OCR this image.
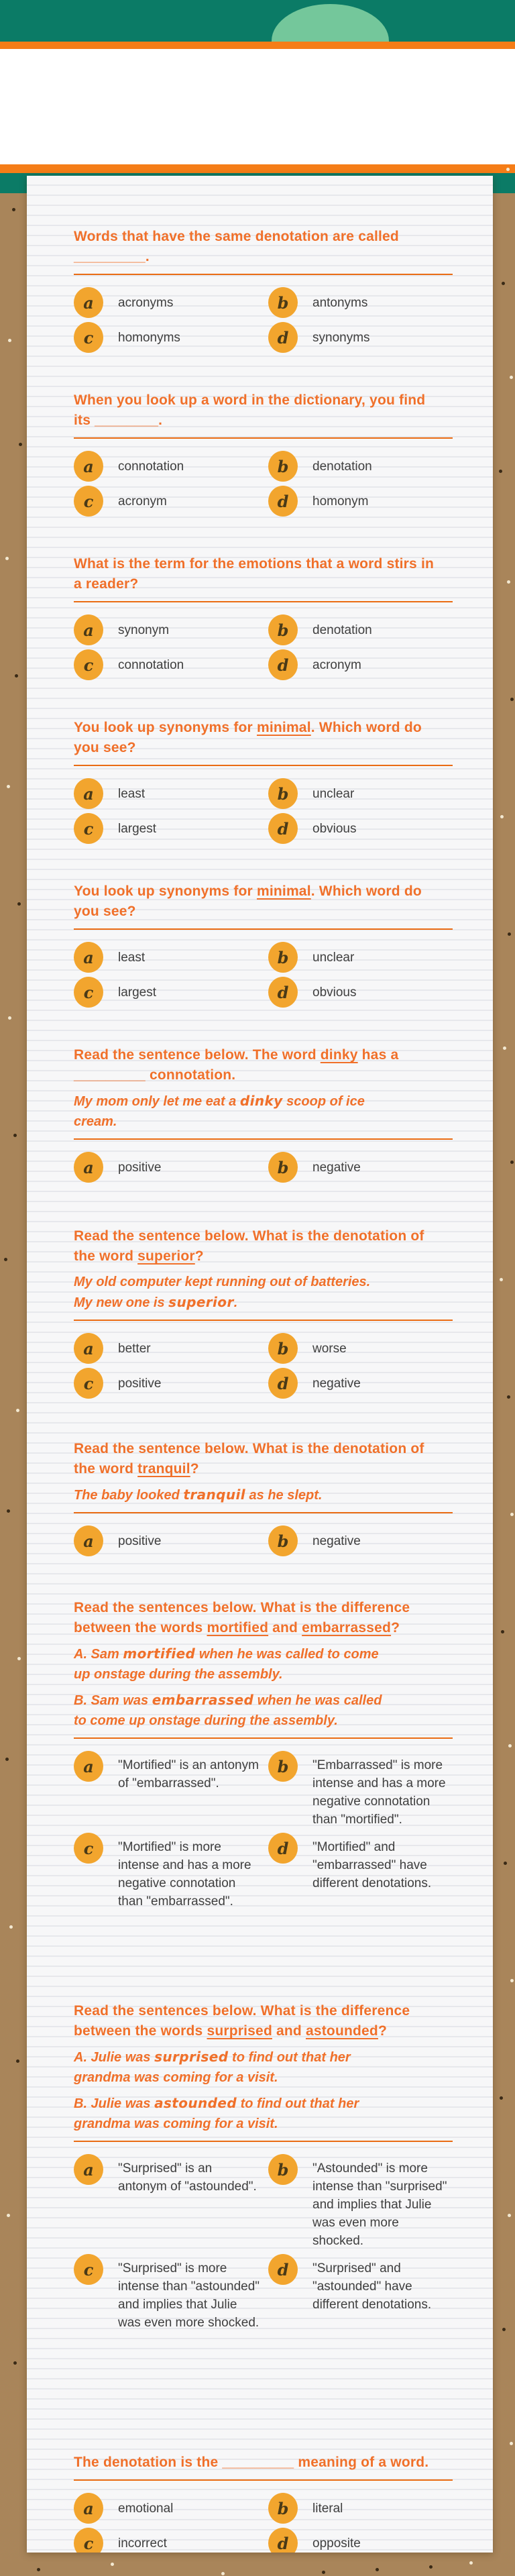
Words that have the same denotation are called _________.

a	acronyms	b	antonyms
c	homonyms	d	synonyms

When you look up a word in the dictionary, you find its ________.

a	connotation	b	denotation
c	acronym	d	homonym

What is the term for the emotions that a word stirs in a reader?

a	synonym	b	denotation
c	connotation	d	acronym

You look up synonyms for minimal. Which word do you see?

a	least	b	unclear
c	largest	d	obvious

You look up synonyms for minimal. Which word do you see?

a	least	b	unclear
c	largest	d	obvious

Read the sentence below. The word dinky has a _________ connotation.

My mom only let me eat a dinky scoop of ice cream.

a	positive	b	negative

Read the sentence below. What is the denotation of the word superior?

My old computer kept running out of batteries. My new one is superior.

a	better	b	worse
c	positive	d	negative

Read the sentence below. What is the denotation of the word tranquil?

The baby looked tranquil as he slept.

a	positive	b	negative

Read the sentences below. What is the difference between the words mortified and embarrassed?

A. Sam mortified when he was called to come up onstage during the assembly.

B. Sam was embarrassed when he was called to come up onstage during the assembly.

a	"Mortified" is an antonym of "embarrassed".
b	"Embarrassed" is more intense and has a more negative connotation than "mortified".
c	"Mortified" is more intense and has a more negative connotation than "embarrassed".
d	"Mortified" and "embarrassed" have different denotations.

Read the sentences below. What is the difference between the words surprised and astounded?

A. Julie was surprised to find out that her grandma was coming for a visit.

B. Julie was astounded to find out that her grandma was coming for a visit.

a	"Surprised" is an antonym of "astounded".
b	"Astounded" is more intense than "surprised" and implies that Julie was even more shocked.
c	"Surprised" is more intense than "astounded" and implies that Julie was even more shocked.
d	"Surprised" and "astounded" have different denotations.

The denotation is the _________ meaning of a word.

a	emotional	b	literal
c	incorrect	d	opposite
